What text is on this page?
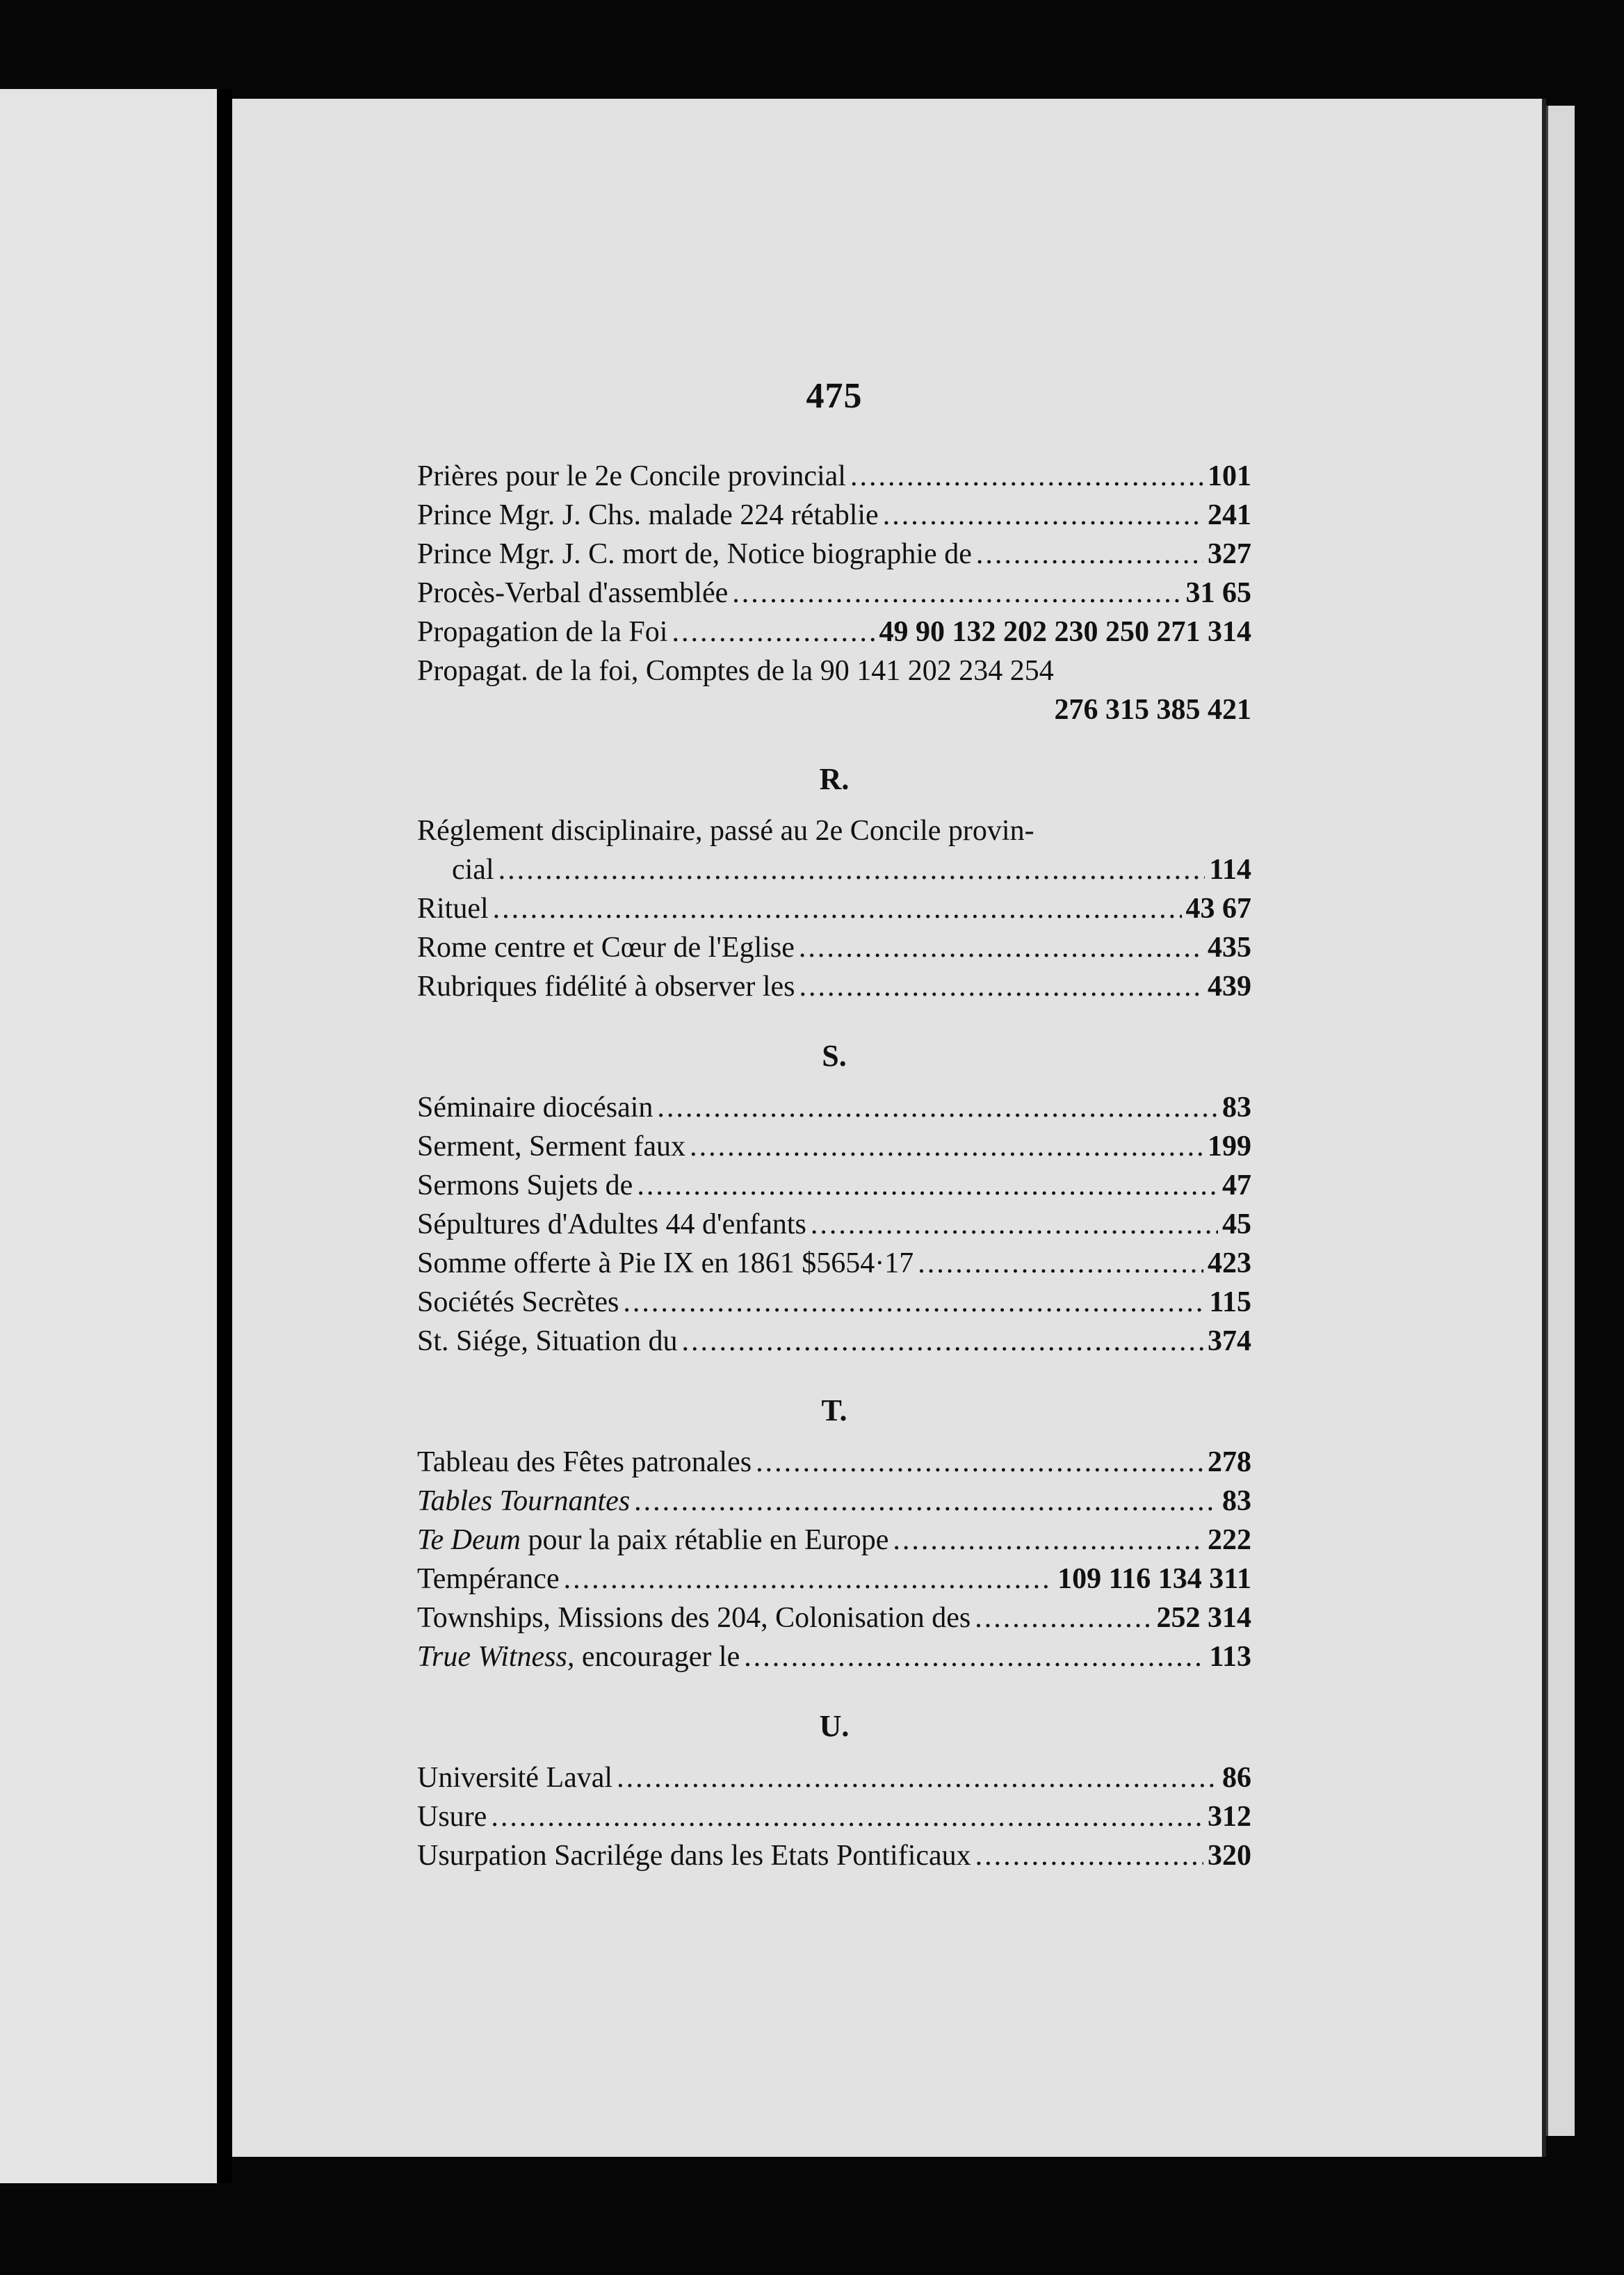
475
Prières pour le 2e Concile provincial .....	101
Prince Mgr. J. Chs. malade 224 rétablie .....	241
Prince Mgr. J. C. mort de, Notice biographie de .....	327
Procès-Verbal d'assemblée .....	31 65
Propagation de la Foi .....	49 90 132 202 230 250 271 314
Propagat. de la foi, Comptes de la 90 141 202 234 254
276 315 385 421
R.
Réglement disciplinaire, passé au 2e Concile provin-
cial .....	114
Rituel .....	43 67
Rome centre et Cœur de l'Eglise .....	435
Rubriques fidélité à observer les .....	439
S.
Séminaire diocésain .....	83
Serment, Serment faux .....	199
Sermons Sujets de .....	47
Sépultures d'Adultes 44 d'enfants .....	45
Somme offerte à Pie IX en 1861 $5654·17 .....	423
Sociétés Secrètes .....	115
St. Siége, Situation du .....	374
T.
Tableau des Fêtes patronales .....	278
Tables Tournantes .....	83
Te Deum pour la paix rétablie en Europe .....	222
Tempérance .....	109 116 134 311
Townships, Missions des 204, Colonisation des .....	252 314
True Witness, encourager le .....	113
U.
Université Laval .....	86
Usure .....	312
Usurpation Sacrilége dans les Etats Pontificaux .....	320
